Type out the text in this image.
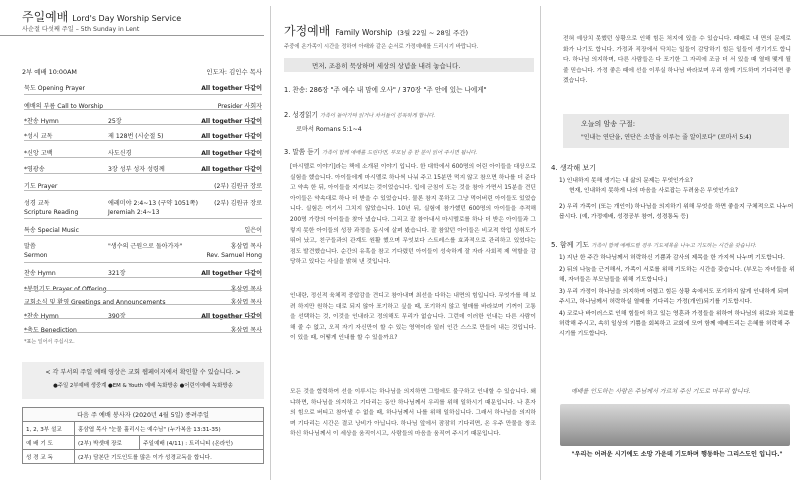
주일예배 Lord's Day Worship Service
사순절 다섯째 주일 – 5th Sunday in Lent
2부 예배 10:00AM	인도자: 김인수 목사
묵도 Opening Prayer	All together 다같이
예배의 부름 Call to Worship	Presider 사회자
*찬송 Hymn	25장	All together 다같이
*성시 교독	제 128번 (시순절 5)	All together 다같이
*신앙 고백	사도신경	All together 다같이
*영광송	3장 성부 성자 성령께	All together 다같이
기도 Prayer	(2부) 김원규 장로
성경 교독	에레미야 2:4~13 (구약 1051쪽)	(2부) 김원규 장로
Scripture Reading	Jeremiah 2:4~13
특송 Special Music	일은이
말씀	"생수의 근원으로 돌아가자"	홍삼엽 목사
Sermon	Rev. Samuel Hong
찬송 Hymn	321장	All together 다같이
*봉헌기도 Prayer of Offering	홍삼엽 목사
교회소식 및 환영 Greetings and Announcements	홍삼엽 목사
*찬송 Hymn	390장	All together 다같이
*축도 Benediction	홍삼엽 목사
*표는 일어서 주십시오.
< 각 부서의 주일 예배 영상은 교회 웹페이지에서 확인할 수 있습니다. >
●주일 2부예배 생중계 ●EM & Youth 예배 녹화방송 ●어린이예배 녹화방송
다음 주 예배 봉사자 (2020년 4월 5일) 종려주일		
1, 2, 3부 설교	홍삼엽 목사 "눈물 흘리시는 예수님" (누가복음 13:31-35)	
예 배 기 도	(2부) 박셋매 장로	주일예배 (4/11) : 트리니티 (온라인)
성 경 교 독	(2부) 담본단 기도인도를 많은 이가 성경교독을 합니다.	
가정예배 Family Worship (3월 22일 ~ 28일 주간)
주중에 온가족이 시간을 정하여 아래와 같은 순서로 가정예배를 드리시기 바랍니다.
먼저, 조용히 묵상하며 세상의 상념을 내려 놓습니다.
1. 찬송: 286장 "주 예수 내 맘에 오사" / 370장 "주 안에 있는 나에게"
2. 성경읽기 가족이 돌아가며 읽거나 차서들이 봉독하게 합니다.
로마서 Romans 5:1~4
3. 말씀 듣기 가족이 함께 예배를 드린다면, 부모님 중 한 분이 읽어 주시면 됩니다.
[마시멜로 이야기]라는 책에 소개된 이야기 입니다. 한 대학에서 600명의 어린 아이들을 대상으로 실험을 했습니다. 아이들에게 마시멜로 하나씩 나눠 주고 15분만 먹지 않고 참으면 하나를 더 준다고 약속 한 뒤, 아이들을 지켜보는 것이었습니다. 입에 군침이 도는 것을 참아 가면서 15분을 견딘 아이들은 약속대로 하나 더 받을 수 있었습니다. 물론 참지 못하고 그냥 먹어버린 아이들도 있었습니다. 실험은 여기서 그치지 않았습니다. 10년 뒤, 실험에 참가했던 600명의 아이들을 추적해 200명 가량의 아이들을 찾아 냈습니다. 그리고 잘 참아내서 마시멜로를 하나 더 받은 아이들과 그렇지 못한 아이들의 성장 과정을 동시에 살펴 봤습니다. 잘 참았던 아이들은 비교적 학업 성취도가 뛰어 났고, 친구들과의 관계도 원활 했으며 무엇보다 스트레스를 효과적으로 관리하고 있었다는 점도 발견했습니다. 순간의 유혹을 참고 기다렸던 아이들이 성숙하게 잘 자라 사회적 제 역할을 감당하고 있다는 사실을 밝혀 낸 것입니다.
인내란, 정신적 육체적 중압감을 견디고 참아내며 최선을 다하는 내면의 힘입니다. 무엇가를 해 보려 하지만 원하는 대로 되지 않아 포기하고 싶을 때, 포기하지 않고 열매를 바라보며 기꺼이 고통을 선택하는 것, 이것을 인내라고 정의해도 무리가 없습니다. 그런데 이러한 인내는 다른 사람이 해 줄 수 없고, 오직 자기 자신만이 할 수 있는 영역이라 일러 인간 스스로 만들어 내는 것입니다. 이 있을 때, 어떻게 인내를 할 수 있을까요?
모든 것을 합력하여 선을 이루시는 하나님을 의지하면 그럴에도 불구하고 인내할 수 있습니다. 왜냐하면, 하나님을 의지하고 기다리는 동안 하나님께서 우리를 위해 일하시기 때문입니다. 나 혼자의 힘으로 버티고 참아낼 수 없을 때, 하나님께서 나를 위해 일하십니다. 그래서 하나님을 의지하며 기다리는 시간은 결코 낭비가 아닙니다. 하나님 앞에서 잠잠히 기다리면, 온 우주 만물을 창조하신 하나님께서 이 세상을 움직이시고, 사람들의 마음을 움직여 주시기 때문입니다.
전혀 예상치 못했던 상황으로 인해 힘든 처지에 있을 수 있습니다. 때때로 내 면의 문제로 화가 나기도 합니다. 가정과 직장에서 닥치는 일들이 감당하기 힘든 일들이 생기기도 합니다. 하나님 의지하며, 다른 사람들은 다 포기한 그 자리에 조금 더 서 있을 때 열매 맺게 될 줄 믿습니다. 가정 좋은 때에 선을 이루실 하나님 바라보며 우리 함께 기도하며 기다리면 좋겠습니다.
오늘의 암송 구절:
"인내는 연단을, 연단은 소망을 이루는 줄 알이로다" (로마서 5:4)
4. 생각해 보기
1) 인내하지 못해 생기는 내 삶의 문제는 무엇인가요?
현재, 인내하지 못하게 나의 마음을 사로잡는 두려움은 무엇인가요?
2) 우리 가족이 (또는 개인이) 하나님을 의지하기 위해 무엇을 하면 좋을지 구체적으로 나누어 봅시다. (예, 가정예배, 성경공부 참여, 성경통독 등)
5. 함께 기도 가족이 함께 예배드릴 경우 기도제목을 나누고 기도하는 시간을 갖습니다.
1) 지난 한 주간 하나님께서 허락하신 기쁨과 감사의 제목을 한 가지씩 나누며 기도합니다.
2) 뒤의 나눔을 근거해서, 가족이 서로를 위해 기도하는 시간을 갖습니다. (부모는 자녀들을 위해, 자녀들은 부모님들을 위해 기도합니다.)
3) 우리 가정이 하나님을 의지하며 어렵고 힘든 상황 속에서도 포기하지 않게 인내하게 되며 주시고, 하나님께서 허락하실 열매를 기다리는 가정(개인)되기를 기도합시다.
4) 코로나 바이러스로 인해 힘들어 하고 있는 영혼과 가정들을 위하여 하나님의 위로와 치료를 허락해 주시고, 속히 일상의 기쁨을 회복하고 교회에 모여 함께 예배드리는 은혜를 허락해 주시기를 기도합니다.
예배를 인도하는 사람은 주님께서 가르쳐 주신 기도로 마무리 합니다.
"우리는 어려운 시기에도 소망 가운데 기도하며 행동하는 그리스도인 입니다."
